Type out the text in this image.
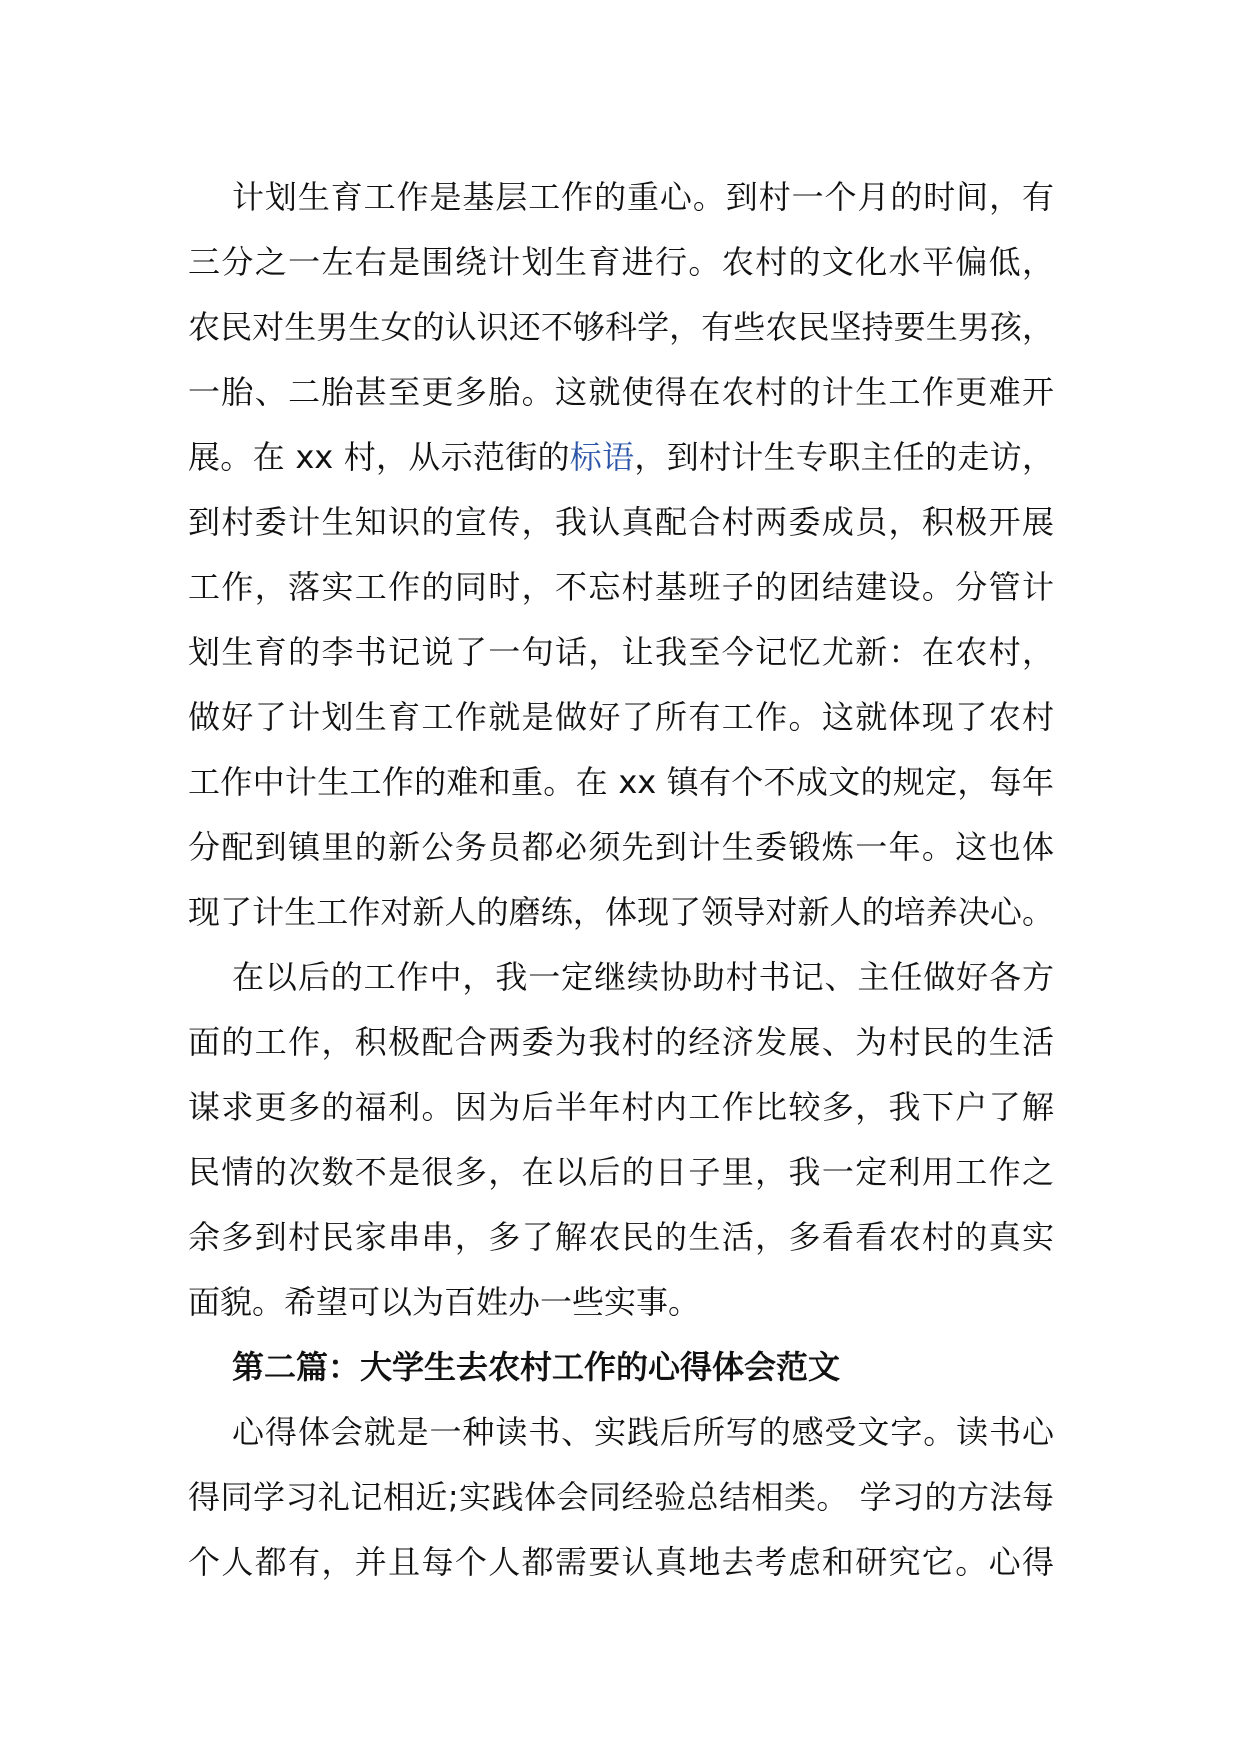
计划生育工作是基层工作的重心。到村一个月的时间，有
三分之一左右是围绕计划生育进行。农村的文化水平偏低，
农民对生男生女的认识还不够科学，有些农民坚持要生男孩，
一胎、二胎甚至更多胎。这就使得在农村的计生工作更难开
展。在 xx 村，从示范街的标语，到村计生专职主任的走访，
到村委计生知识的宣传，我认真配合村两委成员，积极开展
工作，落实工作的同时，不忘村基班子的团结建设。分管计
划生育的李书记说了一句话，让我至今记忆尤新：在农村，
做好了计划生育工作就是做好了所有工作。这就体现了农村
工作中计生工作的难和重。在 xx 镇有个不成文的规定，每年
分配到镇里的新公务员都必须先到计生委锻炼一年。这也体
现了计生工作对新人的磨练，体现了领导对新人的培养决心。
在以后的工作中，我一定继续协助村书记、主任做好各方
面的工作，积极配合两委为我村的经济发展、为村民的生活
谋求更多的福利。因为后半年村内工作比较多，我下户了解
民情的次数不是很多，在以后的日子里，我一定利用工作之
余多到村民家串串，多了解农民的生活，多看看农村的真实
面貌。希望可以为百姓办一些实事。
第二篇：大学生去农村工作的心得体会范文
心得体会就是一种读书、实践后所写的感受文字。读书心
得同学习礼记相近;实践体会同经验总结相类。 学习的方法每
个人都有，并且每个人都需要认真地去考虑和研究它。心得
